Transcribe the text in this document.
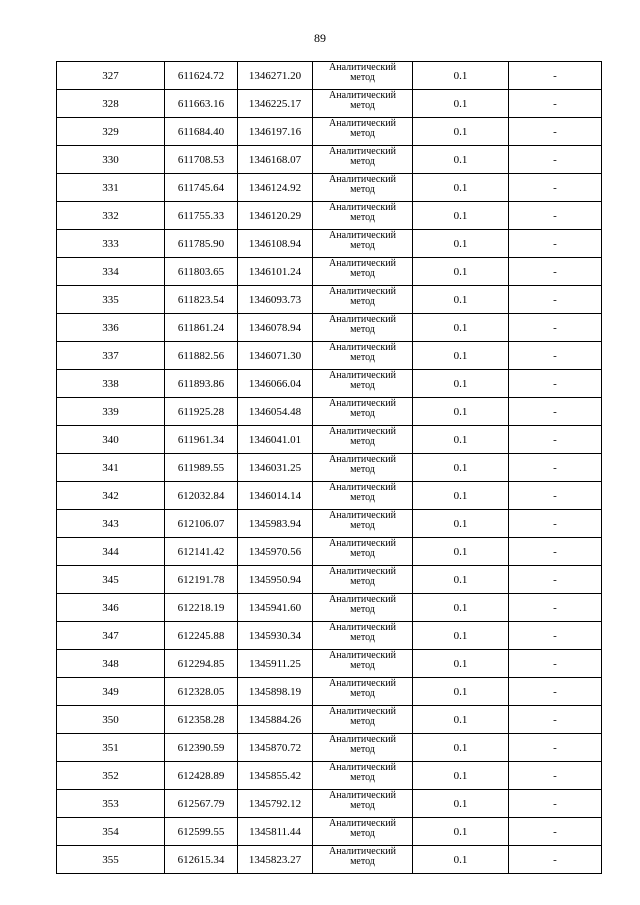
89
327	611624.72	1346271.20	Аналитический
метод	0.1	-
328	611663.16	1346225.17	Аналитический
метод	0.1	-
329	611684.40	1346197.16	Аналитический
метод	0.1	-
330	611708.53	1346168.07	Аналитический
метод	0.1	-
331	611745.64	1346124.92	Аналитический
метод	0.1	-
332	611755.33	1346120.29	Аналитический
метод	0.1	-
333	611785.90	1346108.94	Аналитический
метод	0.1	-
334	611803.65	1346101.24	Аналитический
метод	0.1	-
335	611823.54	1346093.73	Аналитический
метод	0.1	-
336	611861.24	1346078.94	Аналитический
метод	0.1	-
337	611882.56	1346071.30	Аналитический
метод	0.1	-
338	611893.86	1346066.04	Аналитический
метод	0.1	-
339	611925.28	1346054.48	Аналитический
метод	0.1	-
340	611961.34	1346041.01	Аналитический
метод	0.1	-
341	611989.55	1346031.25	Аналитический
метод	0.1	-
342	612032.84	1346014.14	Аналитический
метод	0.1	-
343	612106.07	1345983.94	Аналитический
метод	0.1	-
344	612141.42	1345970.56	Аналитический
метод	0.1	-
345	612191.78	1345950.94	Аналитический
метод	0.1	-
346	612218.19	1345941.60	Аналитический
метод	0.1	-
347	612245.88	1345930.34	Аналитический
метод	0.1	-
348	612294.85	1345911.25	Аналитический
метод	0.1	-
349	612328.05	1345898.19	Аналитический
метод	0.1	-
350	612358.28	1345884.26	Аналитический
метод	0.1	-
351	612390.59	1345870.72	Аналитический
метод	0.1	-
352	612428.89	1345855.42	Аналитический
метод	0.1	-
353	612567.79	1345792.12	Аналитический
метод	0.1	-
354	612599.55	1345811.44	Аналитический
метод	0.1	-
355	612615.34	1345823.27	Аналитический
метод	0.1	-
